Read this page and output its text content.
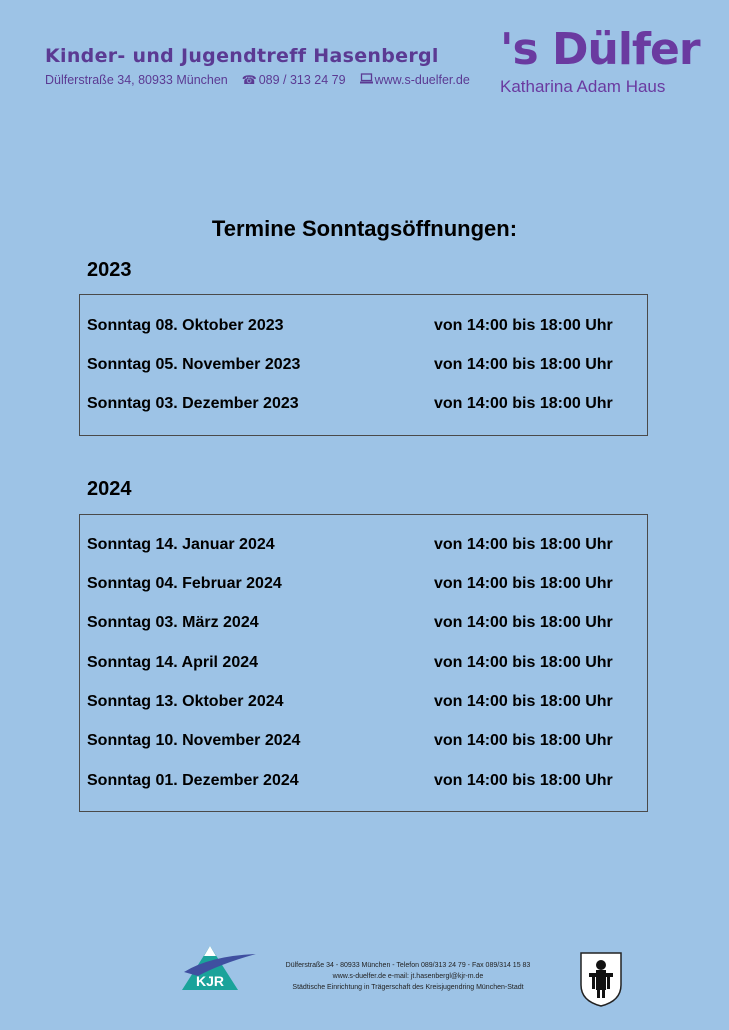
Kinder- und Jugendtreff Hasenbergl
Dülferstraße 34, 80933 München ☎ 089 / 313 24 79 www.s-duelfer.de
's Dülfer
Katharina Adam Haus
Termine Sonntagsöffnungen:
2023
Sonntag 08. Oktober 2023	von 14:00 bis 18:00 Uhr
Sonntag 05. November 2023	von 14:00 bis 18:00 Uhr
Sonntag 03. Dezember 2023	von 14:00 bis 18:00 Uhr
2024
Sonntag 14. Januar 2024	von 14:00 bis 18:00 Uhr
Sonntag 04. Februar 2024	von 14:00 bis 18:00 Uhr
Sonntag 03. März 2024	von 14:00 bis 18:00 Uhr
Sonntag 14. April 2024	von 14:00 bis 18:00 Uhr
Sonntag 13. Oktober 2024	von 14:00 bis 18:00 Uhr
Sonntag 10. November 2024	von 14:00 bis 18:00 Uhr
Sonntag 01. Dezember 2024	von 14:00 bis 18:00 Uhr
KJR
Dülferstraße 34 - 80933 München - Telefon 089/313 24 79 - Fax 089/314 15 83
www.s-duelfer.de e-mail: jt.hasenbergl@kjr-m.de
Städtische Einrichtung in Trägerschaft des Kreisjugendring München-Stadt
